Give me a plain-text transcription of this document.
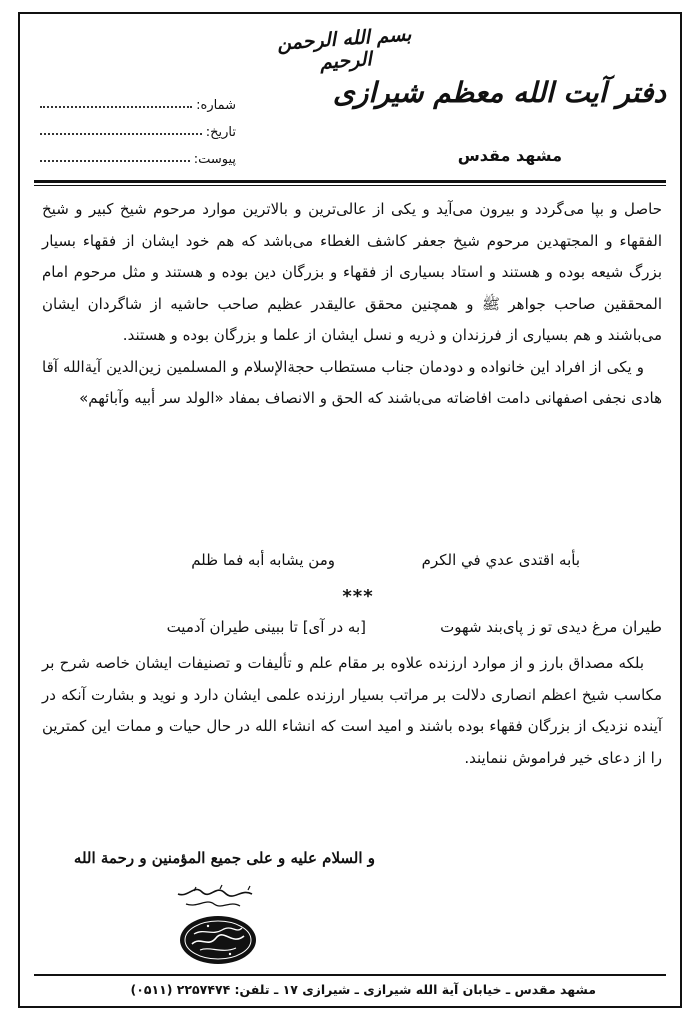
بسم الله الرحمن الرحيم
دفتر آیت الله معظم شیرازی
مشهد مقدس
شماره:
تاریخ:
پیوست:

حاصل و بپا می‌گردد و بیرون می‌آید و یکی از عالی‌ترین و بالاترین موارد مرحوم شیخ کبیر و شیخ الفقهاء و المجتهدین مرحوم شیخ جعفر کاشف الغطاء می‌باشد که هم خود ایشان از فقهاء بسیار بزرگ شیعه بوده و هستند و استاد بسیاری از فقهاء و بزرگان دین بوده و هستند و مثل مرحوم امام المحققین صاحب جواهر ﷺ و همچنین محقق عالیقدر عظیم صاحب حاشیه از شاگردان ایشان می‌باشند و هم بسیاری از فرزندان و ذریه و نسل ایشان از علما و بزرگان بوده و هستند.

و یکی از افراد این خانواده و دودمان جناب مستطاب حجة‌الإسلام و المسلمین زین‌الدین آیةالله آقا هادی نجفی اصفهانی دامت افاضاته می‌باشند که الحق و الانصاف بمفاد «الولد سر أبیه وآبائهم»

بأبه اقتدى عدي في الكرم
ومن يشابه أبه فما ظلم
***
طیران مرغ دیدی تو ز پای‌بند شهوت
[به در آی] تا ببینی طیران آدمیت

بلکه مصداق بارز و از موارد ارزنده علاوه بر مقام علم و تألیفات و تصنیفات ایشان خاصه شرح بر مکاسب شیخ اعظم انصاری دلالت بر مراتب بسیار ارزنده علمی ایشان دارد و نوید و بشارت آنکه در آینده نزدیک از بزرگان فقهاء بوده باشند و امید است که انشاء الله در حال حیات و ممات این کمترین را از دعای خیر فراموش ننمایند.

و السلام علیه و علی جمیع المؤمنین و رحمة الله
مشهد مقدس ـ خیابان آیة الله شیرازی ـ شیرازی ۱۷ ـ تلفن: ۲۲۵۷۴۷۴ (۰۵۱۱)
